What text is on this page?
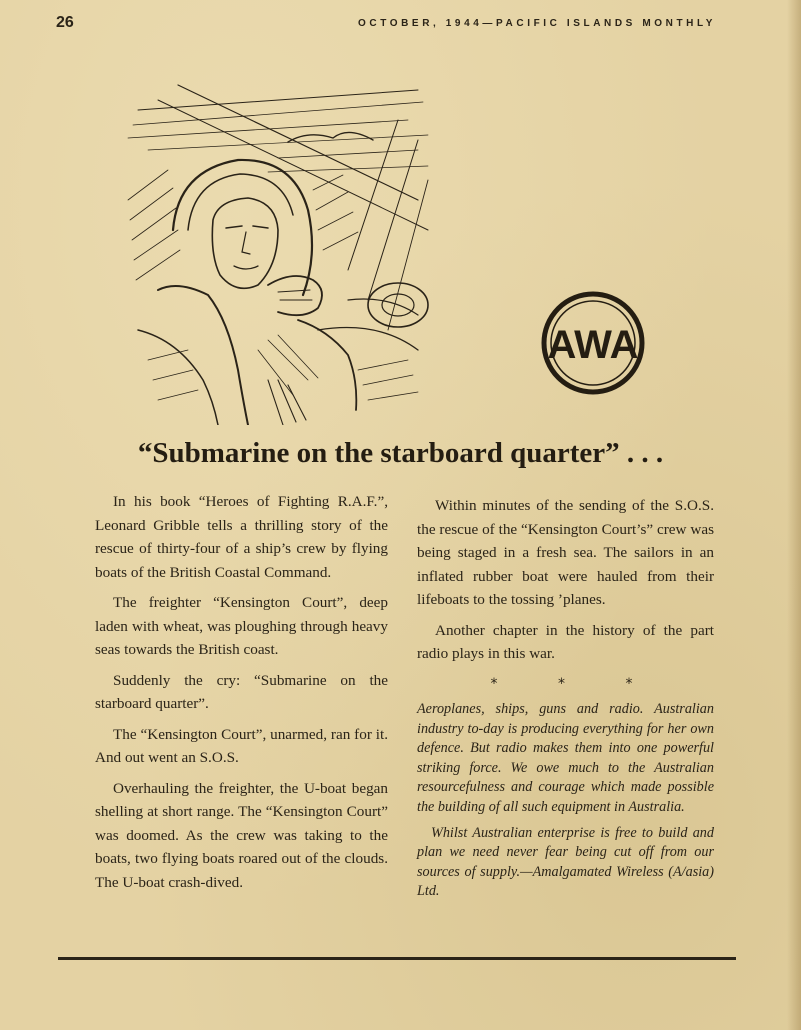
26	OCTOBER, 1944—PACIFIC ISLANDS MONTHLY
AWA
“Submarine on the starboard quarter” . . .

In his book “Heroes of Fighting R.A.F.”, Leonard Gribble tells a thrilling story of the rescue of thirty-four of a ship’s crew by flying boats of the British Coastal Command.

The freighter “Kensington Court”, deep laden with wheat, was ploughing through heavy seas towards the British coast.

Suddenly the cry: “Submarine on the starboard quarter”.

The “Kensington Court”, unarmed, ran for it. And out went an S.O.S.

Overhauling the freighter, the U-boat began shelling at short range. The “Kensington Court” was doomed. As the crew was taking to the boats, two flying boats roared out of the clouds. The U-boat crash-dived.

Within minutes of the sending of the S.O.S. the rescue of the “Kensington Court’s” crew was being staged in a fresh sea. The sailors in an inflated rubber boat were hauled from their lifeboats to the tossing ’planes.

Another chapter in the history of the part radio plays in this war.

* * *

Aeroplanes, ships, guns and radio. Australian industry to-day is producing everything for her own defence. But radio makes them into one powerful striking force. We owe much to the Australian resourcefulness and courage which made possible the building of all such equipment in Australia.

Whilst Australian enterprise is free to build and plan we need never fear being cut off from our sources of supply.—Amalgamated Wireless (A/asia) Ltd.
